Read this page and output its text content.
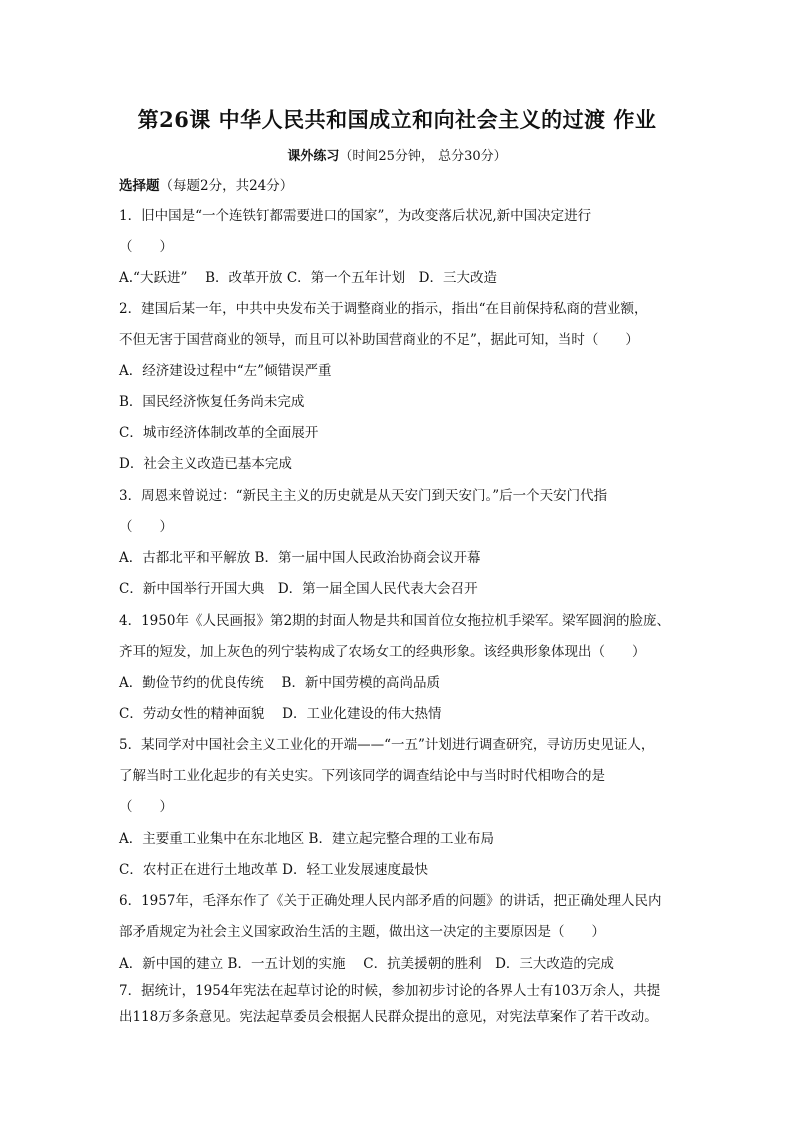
第26课 中华人民共和国成立和向社会主义的过渡 作业
课外练习（时间25分钟， 总分30分）
选择题（每题2分，共24分）
1．旧中国是“一个连铁钉都需要进口的国家”，为改变落后状况,新中国决定进行
（　　）
A.“大跃进”　 B．改革开放 C．第一个五年计划　D．三大改造
2．建国后某一年，中共中央发布关于调整商业的指示，指出“在目前保持私商的营业额，
不但无害于国营商业的领导，而且可以补助国营商业的不足”，据此可知，当时（　　）
A．经济建设过程中“左”倾错误严重
B．国民经济恢复任务尚未完成
C．城市经济体制改革的全面展开
D．社会主义改造已基本完成
3．周恩来曾说过：“新民主主义的历史就是从天安门到天安门。”后一个天安门代指
（　　）
A．古都北平和平解放 B．第一届中国人民政治协商会议开幕
C．新中国举行开国大典　D．第一届全国人民代表大会召开
4．1950年《人民画报》第2期的封面人物是共和国首位女拖拉机手梁军。梁军圆润的脸庞、
齐耳的短发，加上灰色的列宁装构成了农场女工的经典形象。该经典形象体现出（　　）
A．勤俭节约的优良传统　 B．新中国劳模的高尚品质
C．劳动女性的精神面貌　 D．工业化建设的伟大热情
5．某同学对中国社会主义工业化的开端——“一五”计划进行调查研究，寻访历史见证人，
了解当时工业化起步的有关史实。下列该同学的调查结论中与当时时代相吻合的是
（　　）
A．主要重工业集中在东北地区 B．建立起完整合理的工业布局
C．农村正在进行土地改革 D．轻工业发展速度最快
6．1957年，毛泽东作了《关于正确处理人民内部矛盾的问题》的讲话，把正确处理人民内
部矛盾规定为社会主义国家政治生活的主题，做出这一决定的主要原因是（　　）
A．新中国的建立 B．一五计划的实施　 C．抗美援朝的胜利　D．三大改造的完成
7．据统计，1954年宪法在起草讨论的时候，参加初步讨论的各界人士有103万余人，共提
出118万多条意见。宪法起草委员会根据人民群众提出的意见，对宪法草案作了若干改动。
